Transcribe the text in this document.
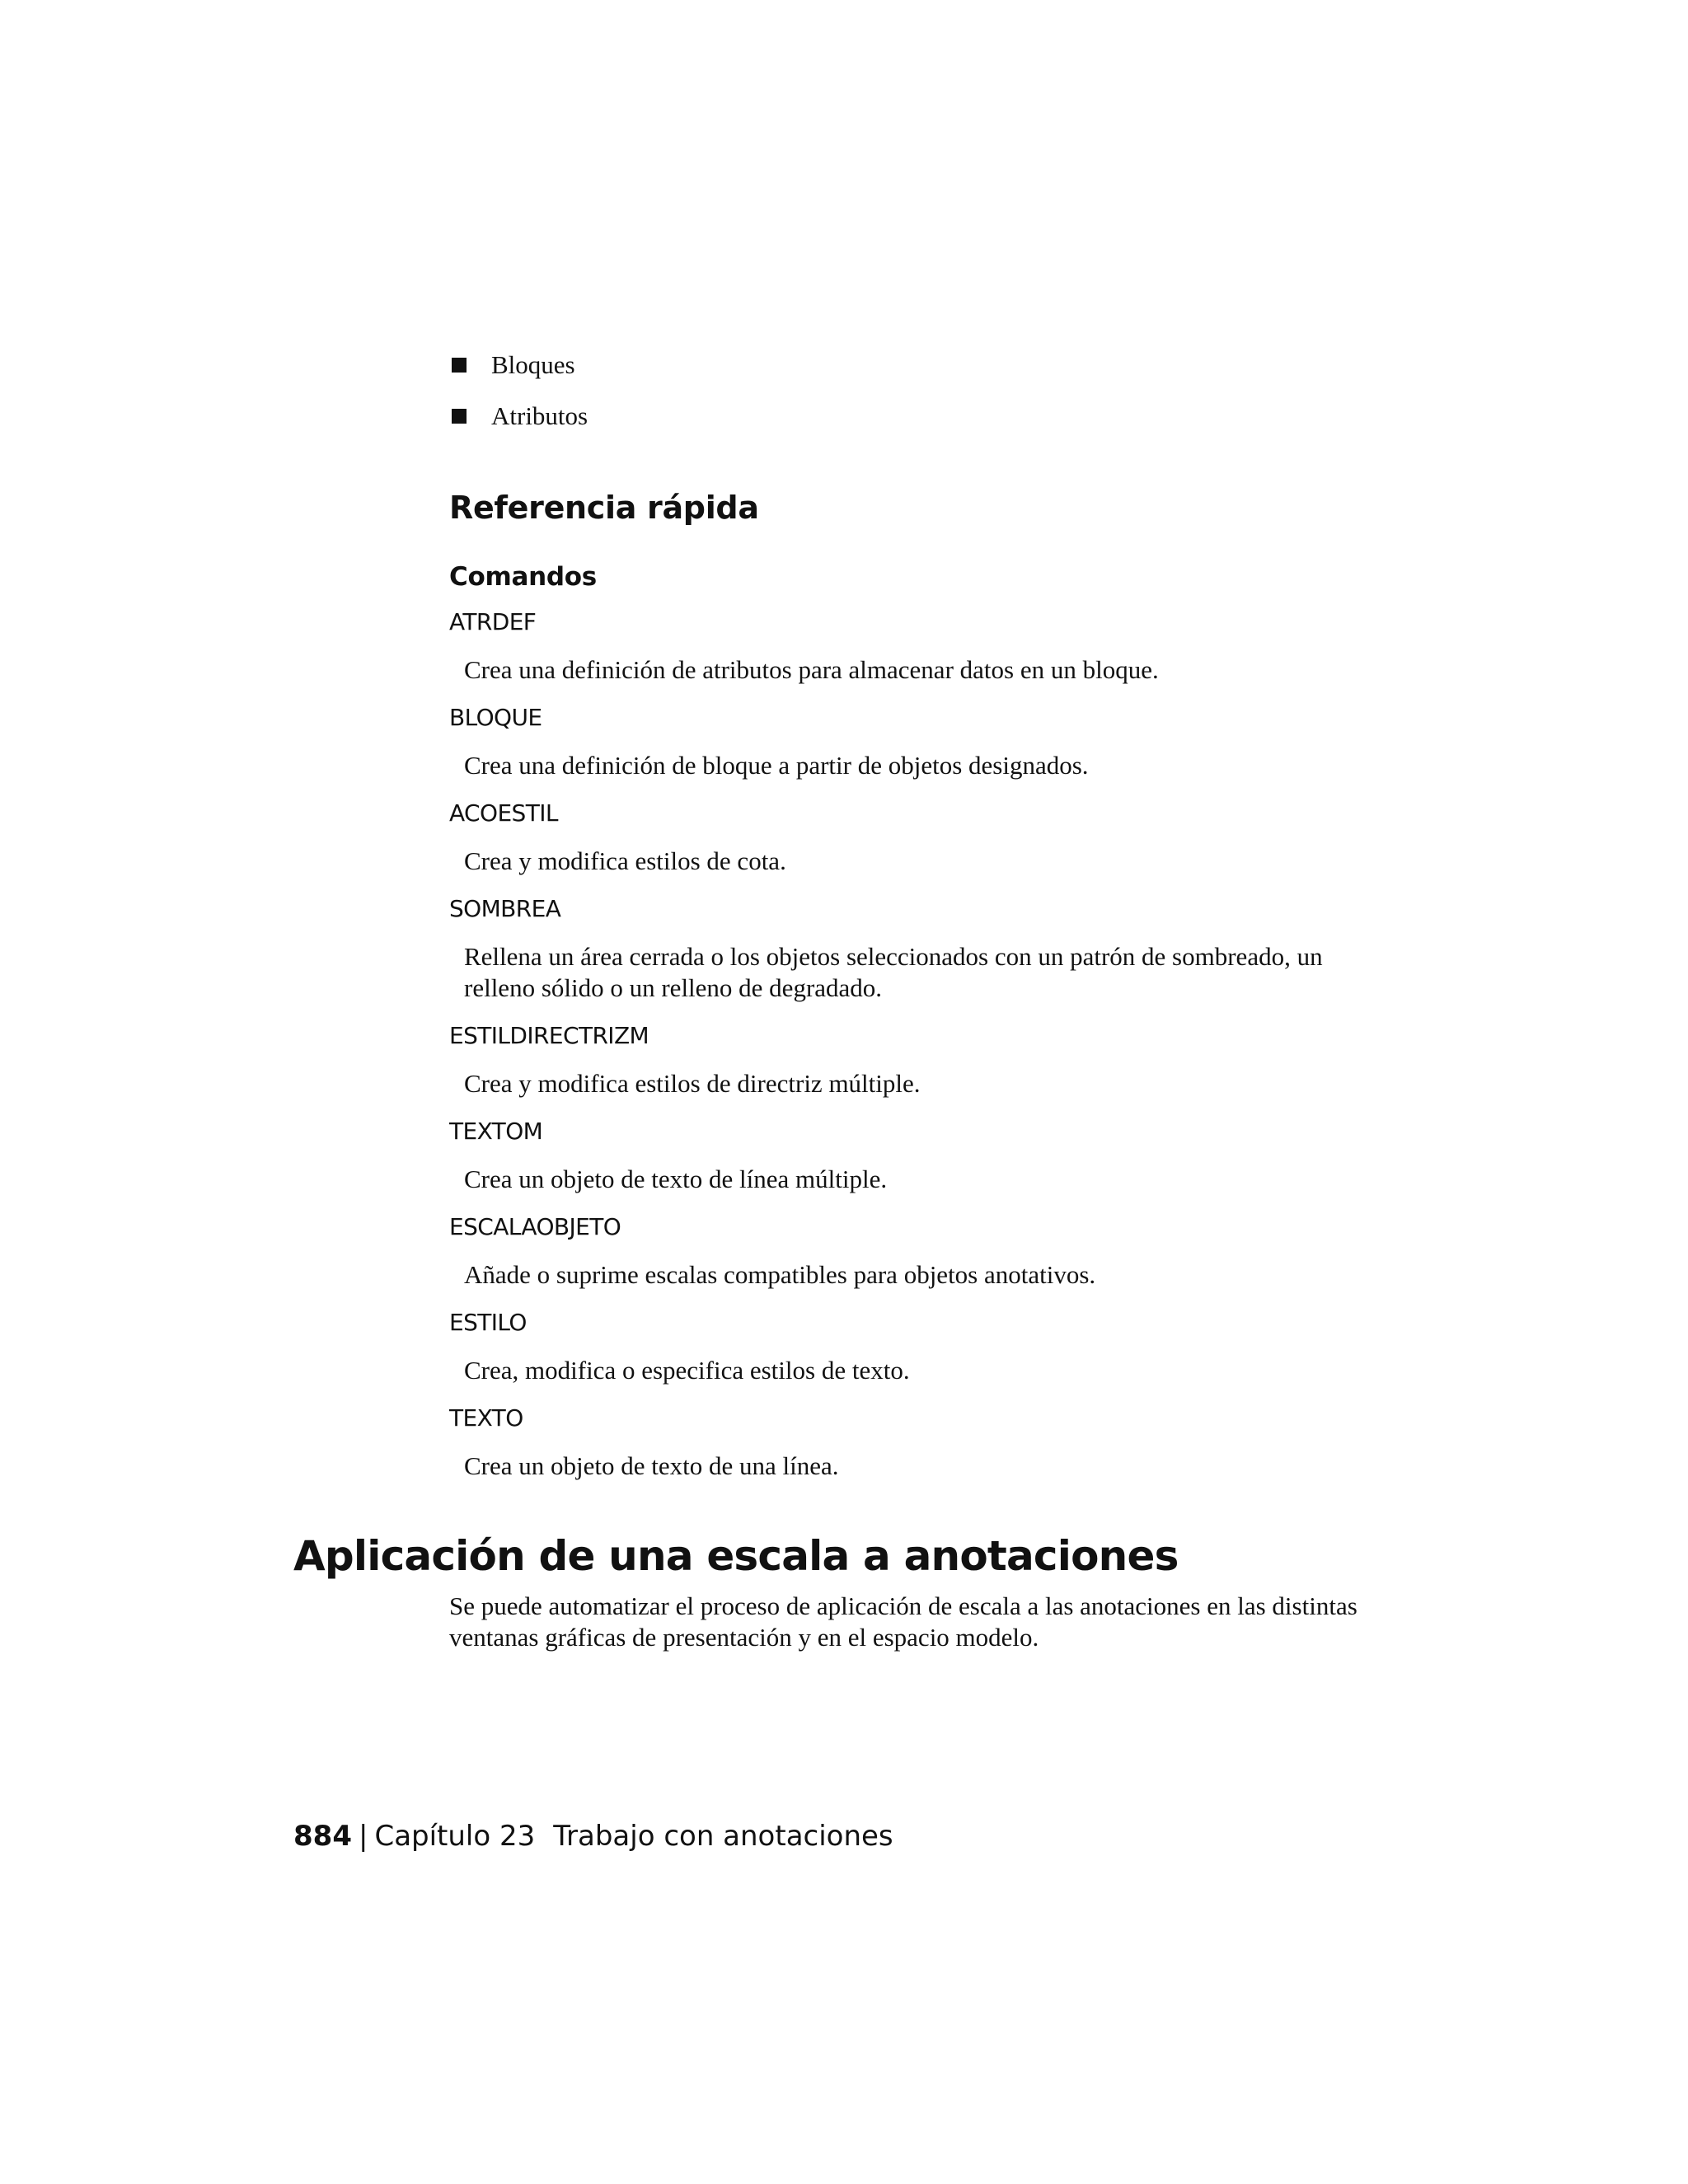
Bloques
Atributos
Referencia rápida
Comandos
ATRDEF
Crea una definición de atributos para almacenar datos en un bloque.
BLOQUE
Crea una definición de bloque a partir de objetos designados.
ACOESTIL
Crea y modifica estilos de cota.
SOMBREA
Rellena un área cerrada o los objetos seleccionados con un patrón de sombreado, un relleno sólido o un relleno de degradado.
ESTILDIRECTRIZM
Crea y modifica estilos de directriz múltiple.
TEXTOM
Crea un objeto de texto de línea múltiple.
ESCALAOBJETO
Añade o suprime escalas compatibles para objetos anotativos.
ESTILO
Crea, modifica o especifica estilos de texto.
TEXTO
Crea un objeto de texto de una línea.
Aplicación de una escala a anotaciones
Se puede automatizar el proceso de aplicación de escala a las anotaciones en las distintas ventanas gráficas de presentación y en el espacio modelo.
884 | Capítulo 23 Trabajo con anotaciones
